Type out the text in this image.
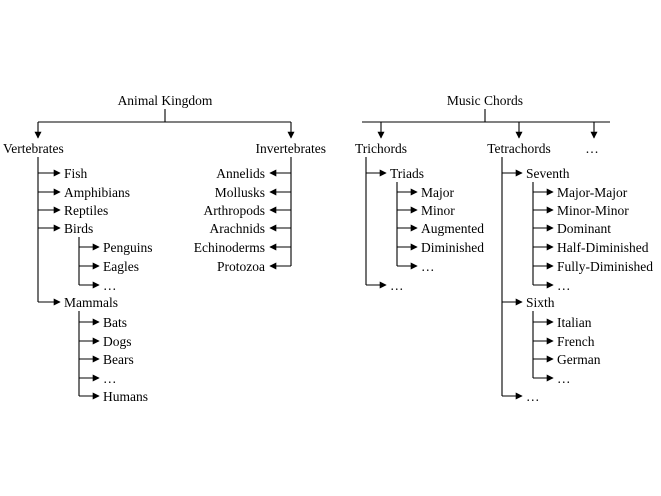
Animal Kingdom
Vertebrates	Invertebrates
Fish
Amphibians
Reptiles
Birds
Mammals
Penguins
Eagles
…
Bats
Dogs
Bears
…
Humans
Annelids
Mollusks
Arthropods
Arachnids
Echinoderms
Protozoa
Music Chords
Trichords	Tetrachords	…
Triads
Major
Minor
Augmented
Diminished
…
…
Seventh
Major-Major
Minor-Minor
Dominant
Half-Diminished
Fully-Diminished
…
Sixth
Italian
French
German
…
…
